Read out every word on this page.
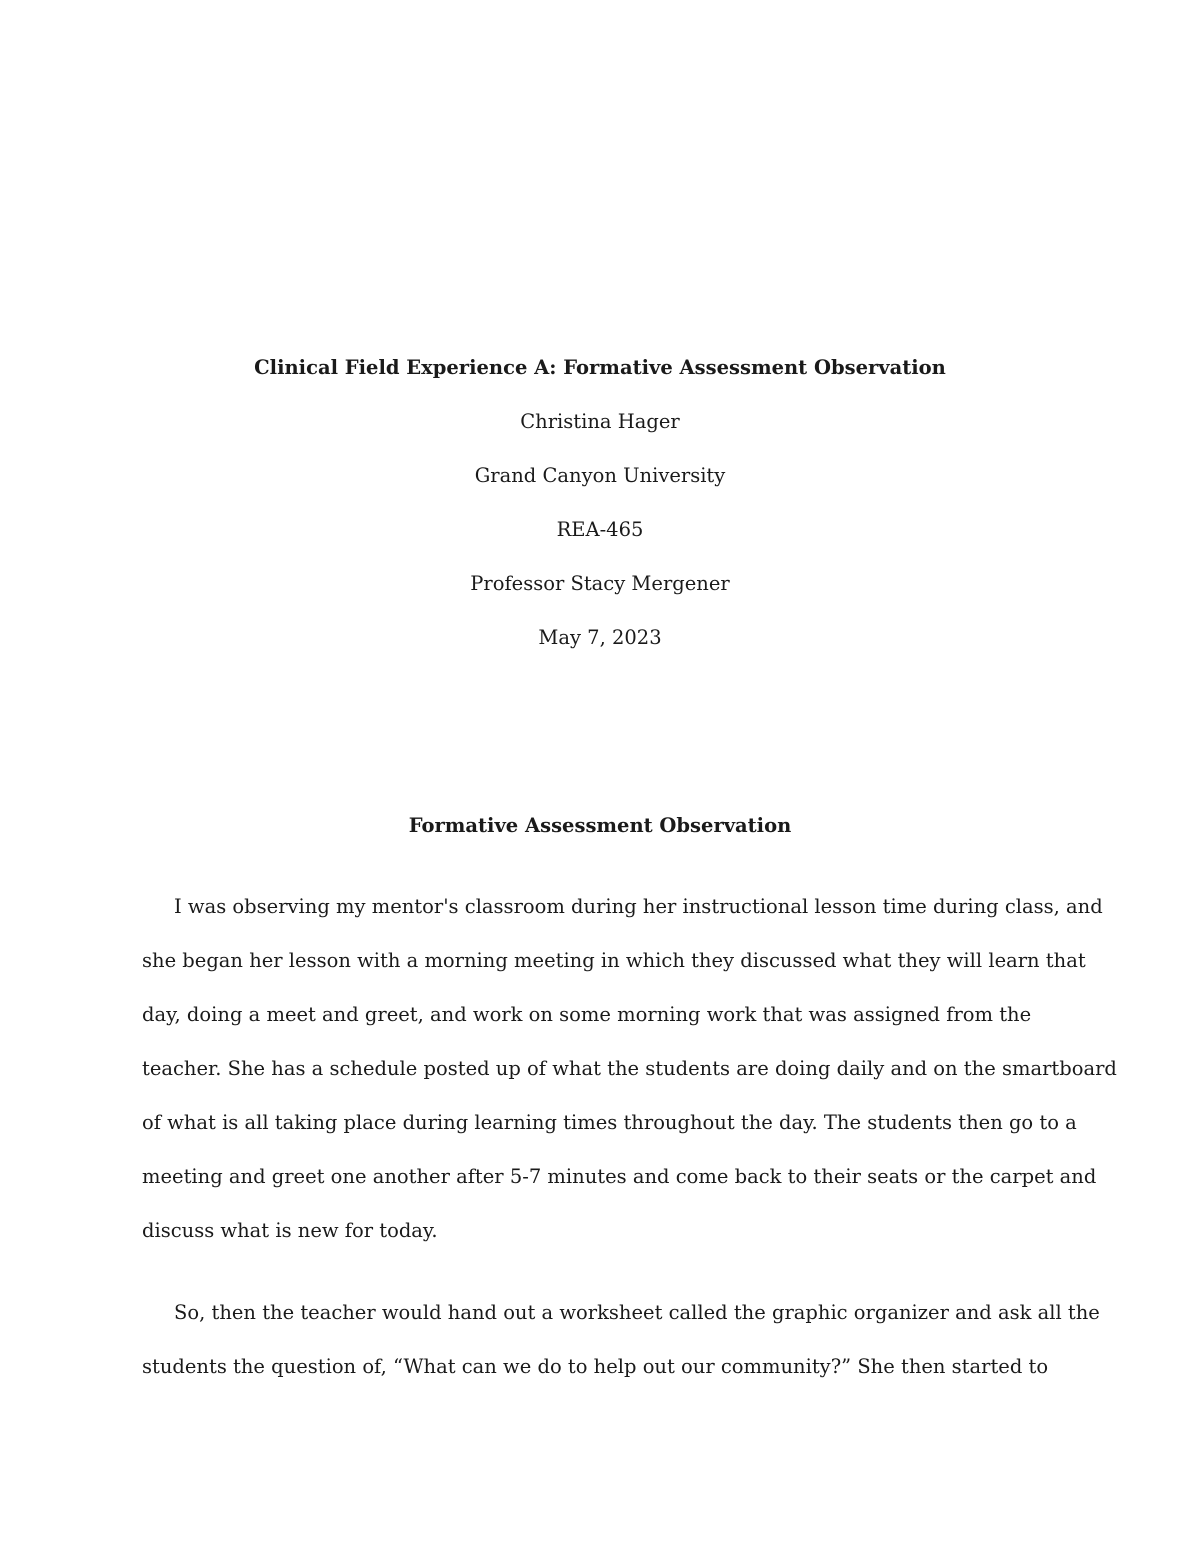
Clinical Field Experience A: Formative Assessment Observation

Christina Hager

Grand Canyon University

REA-465

Professor Stacy Mergener

May 7, 2023

Formative Assessment Observation

I was observing my mentor's classroom during her instructional lesson time during class, and
she began her lesson with a morning meeting in which they discussed what they will learn that
day, doing a meet and greet, and work on some morning work that was assigned from the
teacher. She has a schedule posted up of what the students are doing daily and on the smartboard
of what is all taking place during learning times throughout the day. The students then go to a
meeting and greet one another after 5-7 minutes and come back to their seats or the carpet and
discuss what is new for today.
So, then the teacher would hand out a worksheet called the graphic organizer and ask all the
students the question of, “What can we do to help out our community?” She then started to
